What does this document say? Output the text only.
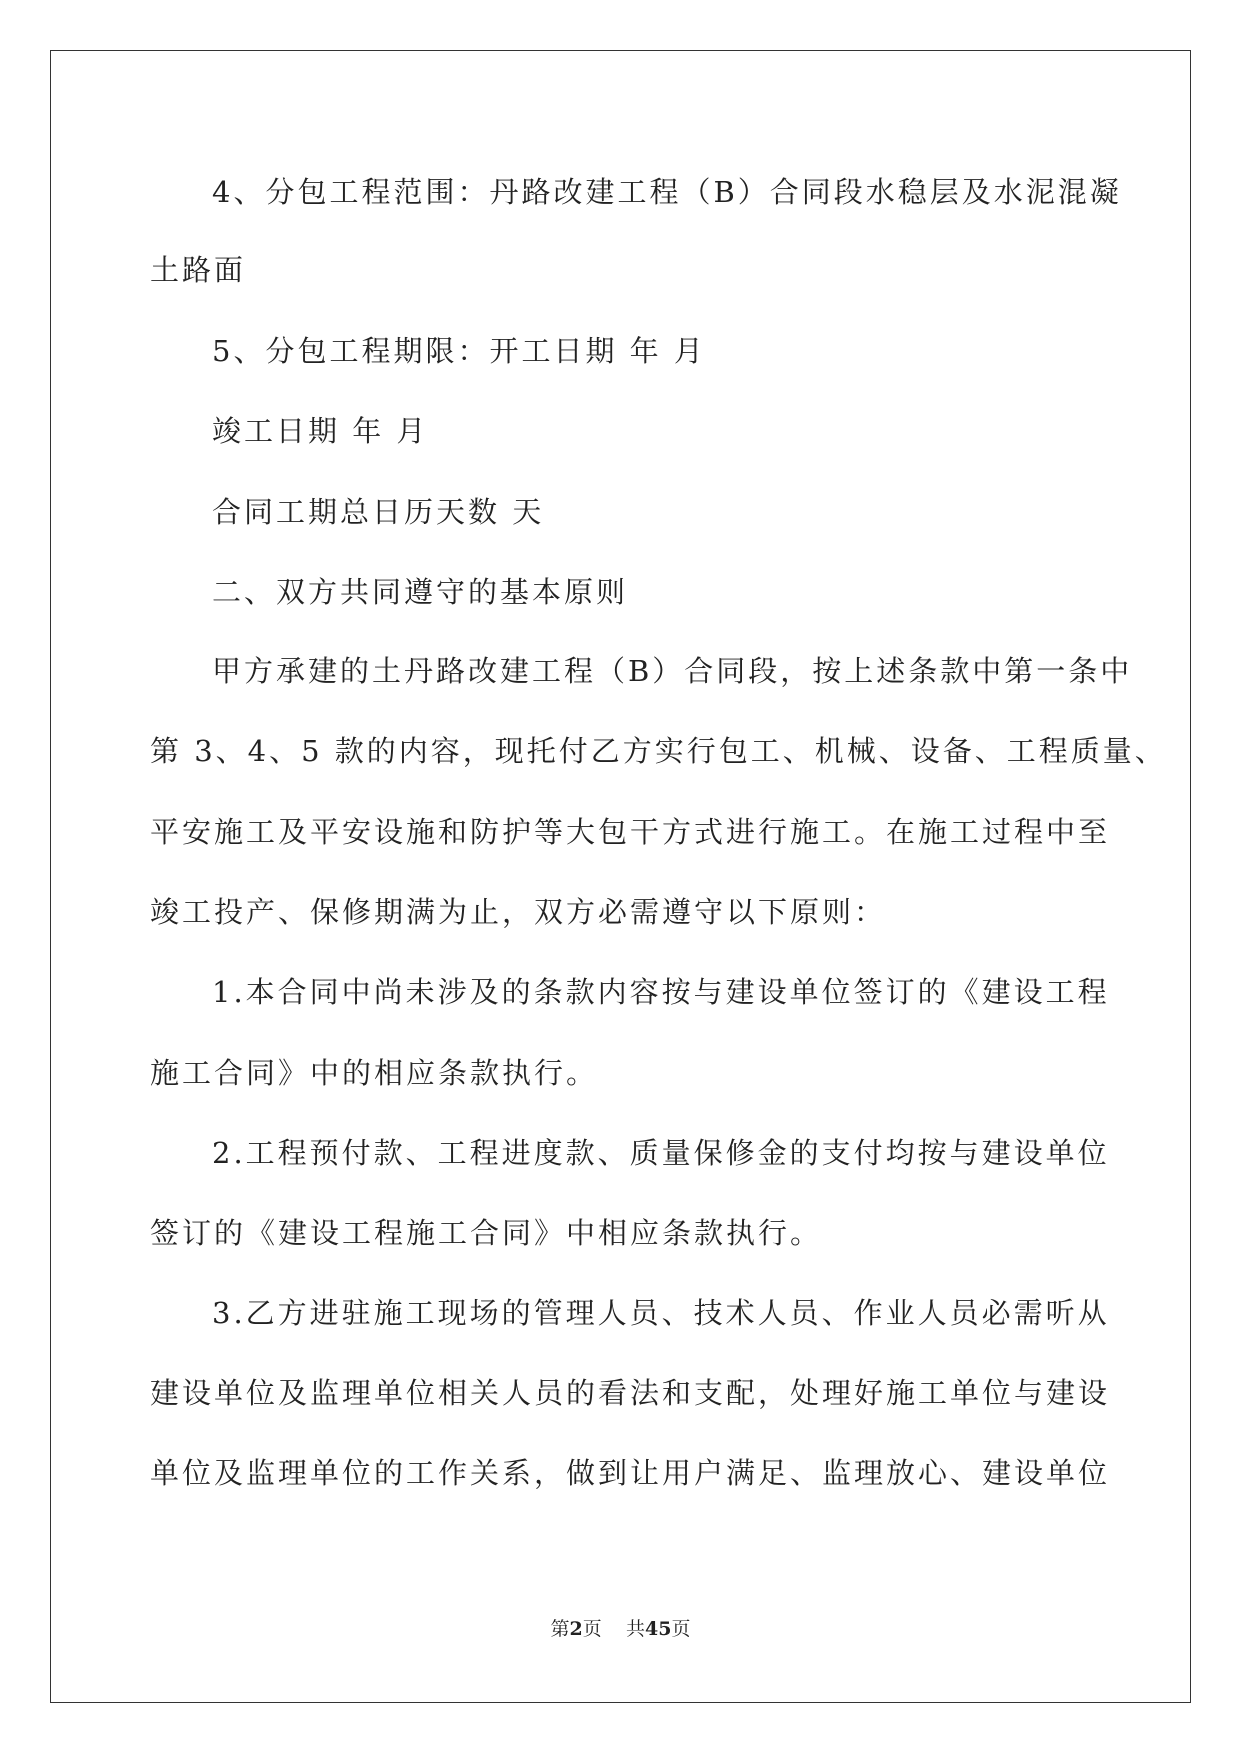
4、分包工程范围：丹路改建工程（B）合同段水稳层及水泥混凝

土路面

5、分包工程期限：开工日期 年 月

竣工日期 年 月

合同工期总日历天数 天

二、双方共同遵守的基本原则

甲方承建的土丹路改建工程（B）合同段，按上述条款中第一条中

第 3、4、5 款的内容，现托付乙方实行包工、机械、设备、工程质量、

平安施工及平安设施和防护等大包干方式进行施工。在施工过程中至

竣工投产、保修期满为止，双方必需遵守以下原则：

1.本合同中尚未涉及的条款内容按与建设单位签订的《建设工程

施工合同》中的相应条款执行。

2.工程预付款、工程进度款、质量保修金的支付均按与建设单位

签订的《建设工程施工合同》中相应条款执行。

3.乙方进驻施工现场的管理人员、技术人员、作业人员必需听从

建设单位及监理单位相关人员的看法和支配，处理好施工单位与建设

单位及监理单位的工作关系，做到让用户满足、监理放心、建设单位

第2页 共45页
